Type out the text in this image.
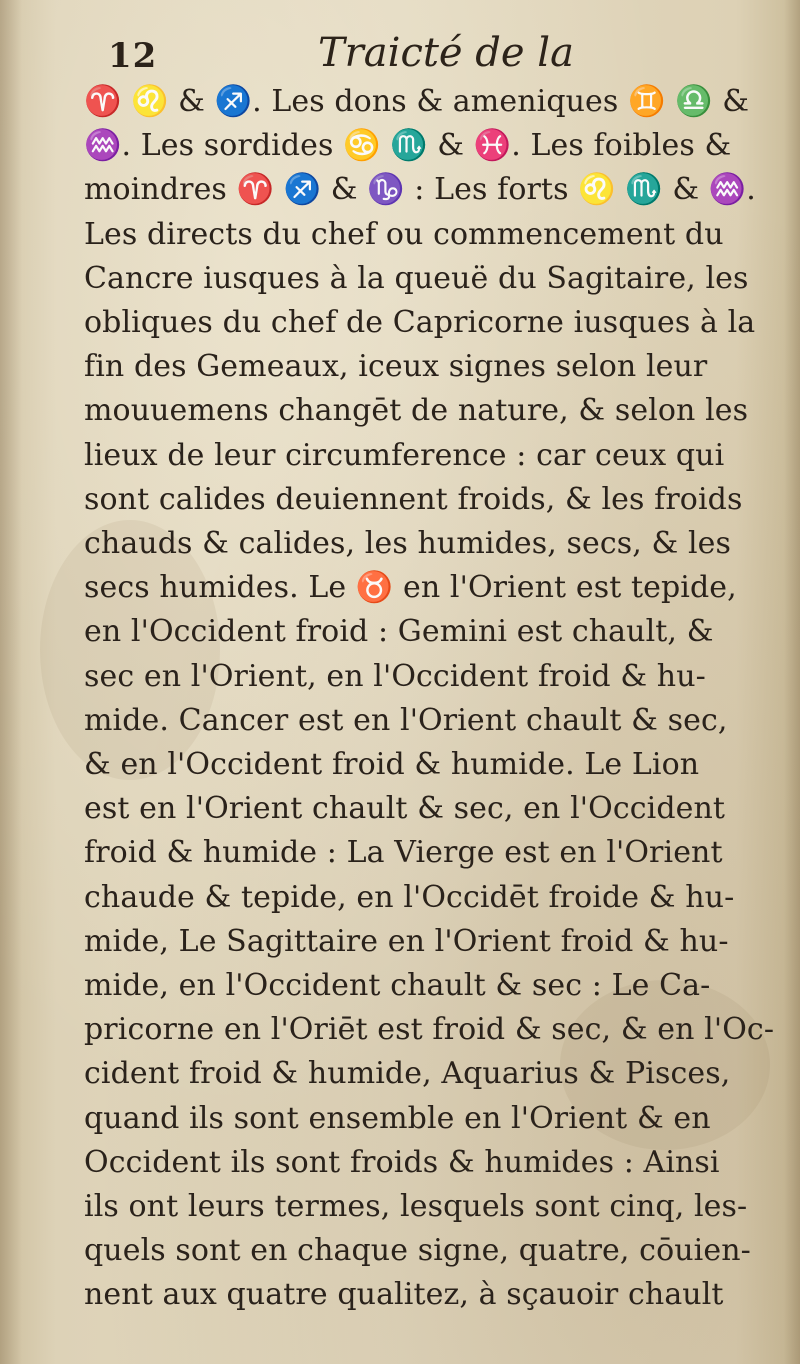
12	Traicté de la
♈ ♌ & ♐. Les dons & ameniques ♊ ♎ &
♒. Les sordides ♋ ♏ & ♓. Les foibles &
moindres ♈ ♐ & ♑ : Les forts ♌ ♏ & ♒.
Les directs du chef ou commencement du
Cancre iusques à la queuë du Sagitaire, les
obliques du chef de Capricorne iusques à la
fin des Gemeaux, iceux signes selon leur
mouuemens changēt de nature, & selon les
lieux de leur circumference : car ceux qui
sont calides deuiennent froids, & les froids
chauds & calides, les humides, secs, & les
secs humides. Le ♉ en l'Orient est tepide,
en l'Occident froid : Gemini est chault, &
sec en l'Orient, en l'Occident froid & hu-
mide. Cancer est en l'Orient chault & sec,
& en l'Occident froid & humide. Le Lion
est en l'Orient chault & sec, en l'Occident
froid & humide : La Vierge est en l'Orient
chaude & tepide, en l'Occidēt froide & hu-
mide, Le Sagittaire en l'Orient froid & hu-
mide, en l'Occident chault & sec : Le Ca-
pricorne en l'Oriēt est froid & sec, & en l'Oc-
cident froid & humide, Aquarius & Pisces,
quand ils sont ensemble en l'Orient & en
Occident ils sont froids & humides : Ainsi
ils ont leurs termes, lesquels sont cinq, les-
quels sont en chaque signe, quatre, cōuien-
nent aux quatre qualitez, à sçauoir chault
